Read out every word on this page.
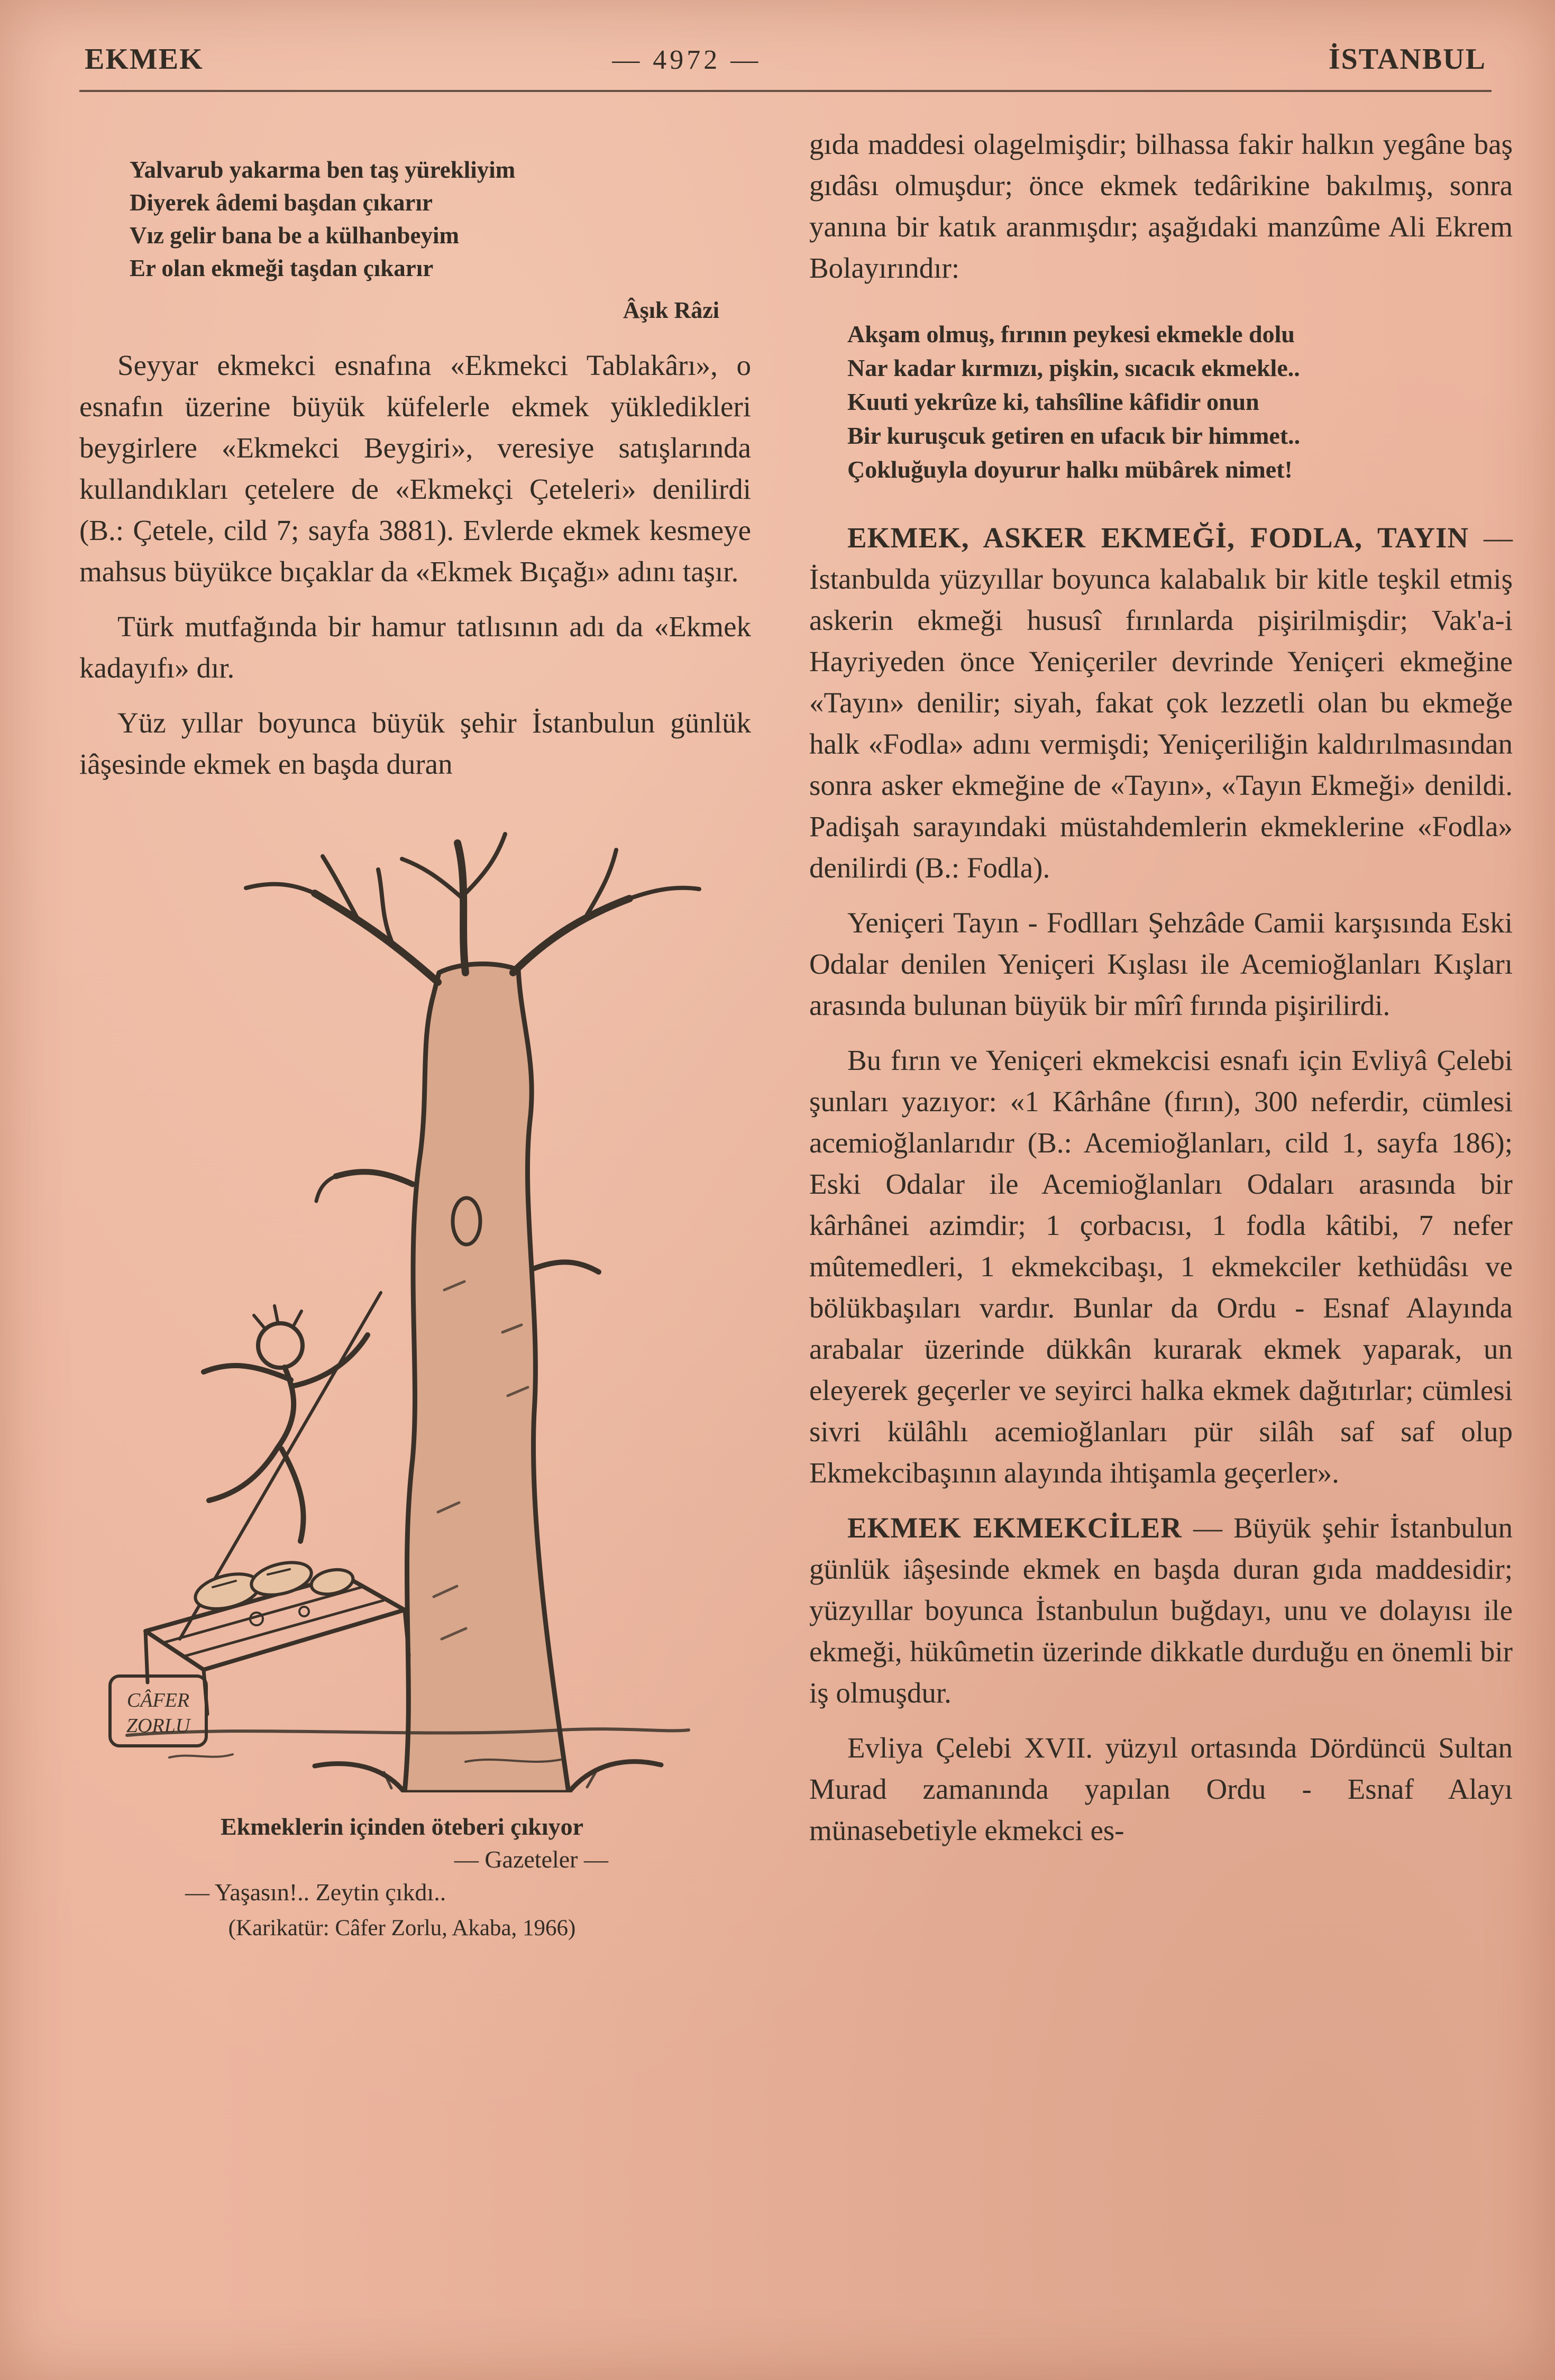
EKMEK	— 4972 —	İSTANBUL
Yalvarub yakarma ben taş yürekliyim
Diyerek âdemi başdan çıkarır
Vız gelir bana be a külhanbeyim
Er olan ekmeği taşdan çıkarır
Âşık Râzi

Seyyar ekmekci esnafına «Ekmekci Tablakârı», o esnafın üzerine büyük küfelerle ekmek yükledikleri beygirlere «Ekmekci Beygiri», veresiye satışlarında kullandıkları çetelere de «Ekmekçi Çeteleri» denilirdi (B.: Çetele, cild 7; sayfa 3881). Evlerde ekmek kesmeye mahsus büyükce bıçaklar da «Ekmek Bıçağı» adını taşır.

Türk mutfağında bir hamur tatlısının adı da «Ekmek kadayıfı» dır.

Yüz yıllar boyunca büyük şehir İstanbulun günlük iâşesinde ekmek en başda duran

CÂFER
ZORLU
Ekmeklerin içinden öteberi çıkıyor
— Gazeteler —
— Yaşasın!.. Zeytin çıkdı..
(Karikatür: Câfer Zorlu, Akaba, 1966)

gıda maddesi olagelmişdir; bilhassa fakir halkın yegâne baş gıdâsı olmuşdur; önce ekmek tedârikine bakılmış, sonra yanına bir katık aranmışdır; aşağıdaki manzûme Ali Ekrem Bolayırındır:

Akşam olmuş, fırının peykesi ekmekle dolu
Nar kadar kırmızı, pişkin, sıcacık ekmekle..
Kuuti yekrûze ki, tahsîline kâfidir onun
Bir kuruşcuk getiren en ufacık bir himmet..
Çokluğuyla doyurur halkı mübârek nimet!

EKMEK, ASKER EKMEĞİ, FODLA, TAYIN — İstanbulda yüzyıllar boyunca kalabalık bir kitle teşkil etmiş askerin ekmeği hususî fırınlarda pişirilmişdir; Vak'a-i Hayriyeden önce Yeniçeriler devrinde Yeniçeri ekmeğine «Tayın» denilir; siyah, fakat çok lezzetli olan bu ekmeğe halk «Fodla» adını vermişdi; Yeniçeriliğin kaldırılmasından sonra asker ekmeğine de «Tayın», «Tayın Ekmeği» denildi. Padişah sarayındaki müstahdemlerin ekmeklerine «Fodla» denilirdi (B.: Fodla).

Yeniçeri Tayın - Fodlları Şehzâde Camii karşısında Eski Odalar denilen Yeniçeri Kışlası ile Acemioğlanları Kışları arasında bulunan büyük bir mîrî fırında pişirilirdi.

Bu fırın ve Yeniçeri ekmekcisi esnafı için Evliyâ Çelebi şunları yazıyor: «1 Kârhâne (fırın), 300 neferdir, cümlesi acemioğlanlarıdır (B.: Acemioğlanları, cild 1, sayfa 186); Eski Odalar ile Acemioğlanları Odaları arasında bir kârhânei azimdir; 1 çorbacısı, 1 fodla kâtibi, 7 nefer mûtemedleri, 1 ekmekcibaşı, 1 ekmekciler kethüdâsı ve bölükbaşıları vardır. Bunlar da Ordu - Esnaf Alayında arabalar üzerinde dükkân kurarak ekmek yaparak, un eleyerek geçerler ve seyirci halka ekmek dağıtırlar; cümlesi sivri külâhlı acemioğlanları pür silâh saf saf olup Ekmekcibaşının alayında ihtişamla geçerler».

EKMEK EKMEKCİLER — Büyük şehir İstanbulun günlük iâşesinde ekmek en başda duran gıda maddesidir; yüzyıllar boyunca İstanbulun buğdayı, unu ve dolayısı ile ekmeği, hükûmetin üzerinde dikkatle durduğu en önemli bir iş olmuşdur.

Evliya Çelebi XVII. yüzyıl ortasında Dördüncü Sultan Murad zamanında yapılan Ordu - Esnaf Alayı münasebetiyle ekmekci es-
